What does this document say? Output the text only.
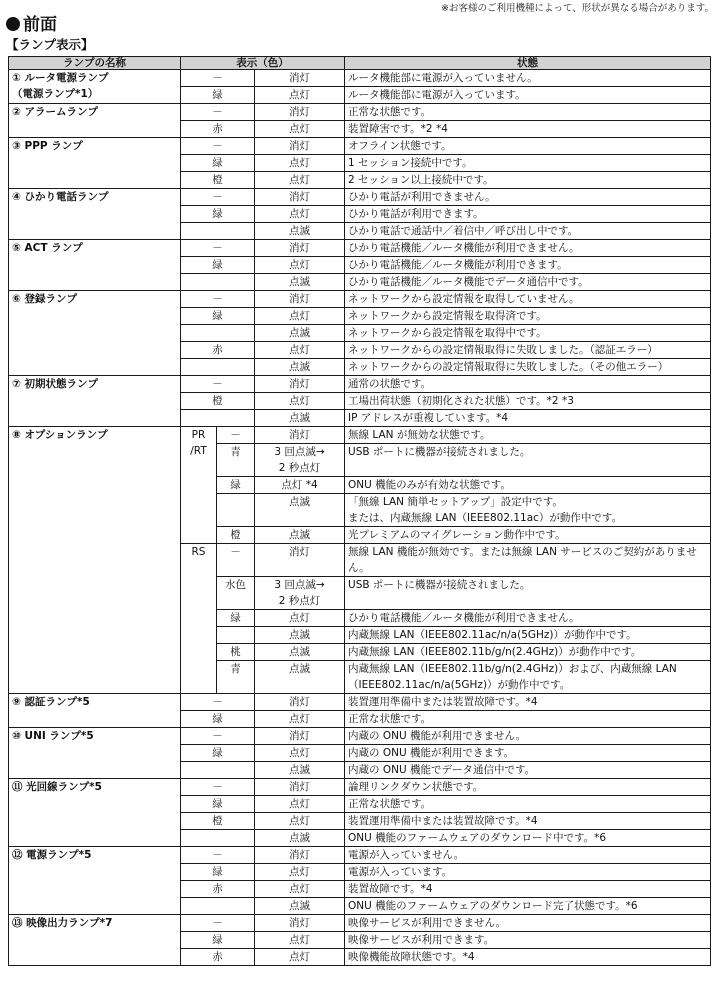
※お客様のご利用機種によって、形状が異なる場合があります。
前面
【ランプ表示】
ランプの名称	表示（色）			状態
① ルータ電源ランプ
（電源ランプ*1）	－		消灯	ルータ機能部に電源が入っていません。
	緑		点灯	ルータ機能部に電源が入っています。
② アラームランプ	－		消灯	正常な状態です。
	赤		点灯	装置障害です。*2 *4
③ PPP ランプ	－		消灯	オフライン状態です。
	緑		点灯	1 セッション接続中です。
	橙		点灯	2 セッション以上接続中です。
④ ひかり電話ランプ	－		消灯	ひかり電話が利用できません。
	緑		点灯	ひかり電話が利用できます。
			点滅	ひかり電話で通話中／着信中／呼び出し中です。
⑤ ACT ランプ	－		消灯	ひかり電話機能／ルータ機能が利用できません。
	緑		点灯	ひかり電話機能／ルータ機能が利用できます。
			点滅	ひかり電話機能／ルータ機能でデータ通信中です。
⑥ 登録ランプ	－		消灯	ネットワークから設定情報を取得していません。
	緑		点灯	ネットワークから設定情報を取得済です。
			点滅	ネットワークから設定情報を取得中です。
	赤		点灯	ネットワークからの設定情報取得に失敗しました。（認証エラー）
			点滅	ネットワークからの設定情報取得に失敗しました。（その他エラー）
⑦ 初期状態ランプ	－		消灯	通常の状態です。
	橙		点灯	工場出荷状態（初期化された状態）です。*2 *3
			点滅	IP アドレスが重複しています。*4
⑧ オプションランプ	PR
/RT	－	消灯	無線 LAN が無効な状態です。
		青	3 回点滅→
2 秒点灯	USB ポートに機器が接続されました。
		緑	点灯 *4	ONU 機能のみが有効な状態です。
			点滅	「無線 LAN 簡単セットアップ」設定中です。
または、内蔵無線 LAN（IEEE802.11ac）が動作中です。
		橙	点滅	光プレミアムのマイグレーション動作中です。
	RS	－	消灯	無線 LAN 機能が無効です。または無線 LAN サービスのご契約がありません。
		水色	3 回点滅→
2 秒点灯	USB ポートに機器が接続されました。
		緑	点灯	ひかり電話機能／ルータ機能が利用できません。
			点滅	内蔵無線 LAN（IEEE802.11ac/n/a(5GHz)）が動作中です。
		桃	点滅	内蔵無線 LAN（IEEE802.11b/g/n(2.4GHz)）が動作中です。
		青	点滅	内蔵無線 LAN（IEEE802.11b/g/n(2.4GHz)）および、内蔵無線 LAN（IEEE802.11ac/n/a(5GHz)）が動作中です。
⑨ 認証ランプ*5	－		消灯	装置運用準備中または装置故障です。*4
	緑		点灯	正常な状態です。
⑩ UNI ランプ*5	－		消灯	内蔵の ONU 機能が利用できません。
	緑		点灯	内蔵の ONU 機能が利用できます。
			点滅	内蔵の ONU 機能でデータ通信中です。
⑪ 光回線ランプ*5	－		消灯	論理リンクダウン状態です。
	緑		点灯	正常な状態です。
	橙		点灯	装置運用準備中または装置故障です。*4
			点滅	ONU 機能のファームウェアのダウンロード中です。*6
⑫ 電源ランプ*5	－		消灯	電源が入っていません。
	緑		点灯	電源が入っています。
	赤		点灯	装置故障です。*4
			点滅	ONU 機能のファームウェアのダウンロード完了状態です。*6
⑬ 映像出力ランプ*7	－		消灯	映像サービスが利用できません。
	緑		点灯	映像サービスが利用できます。
	赤		点灯	映像機能故障状態です。*4
